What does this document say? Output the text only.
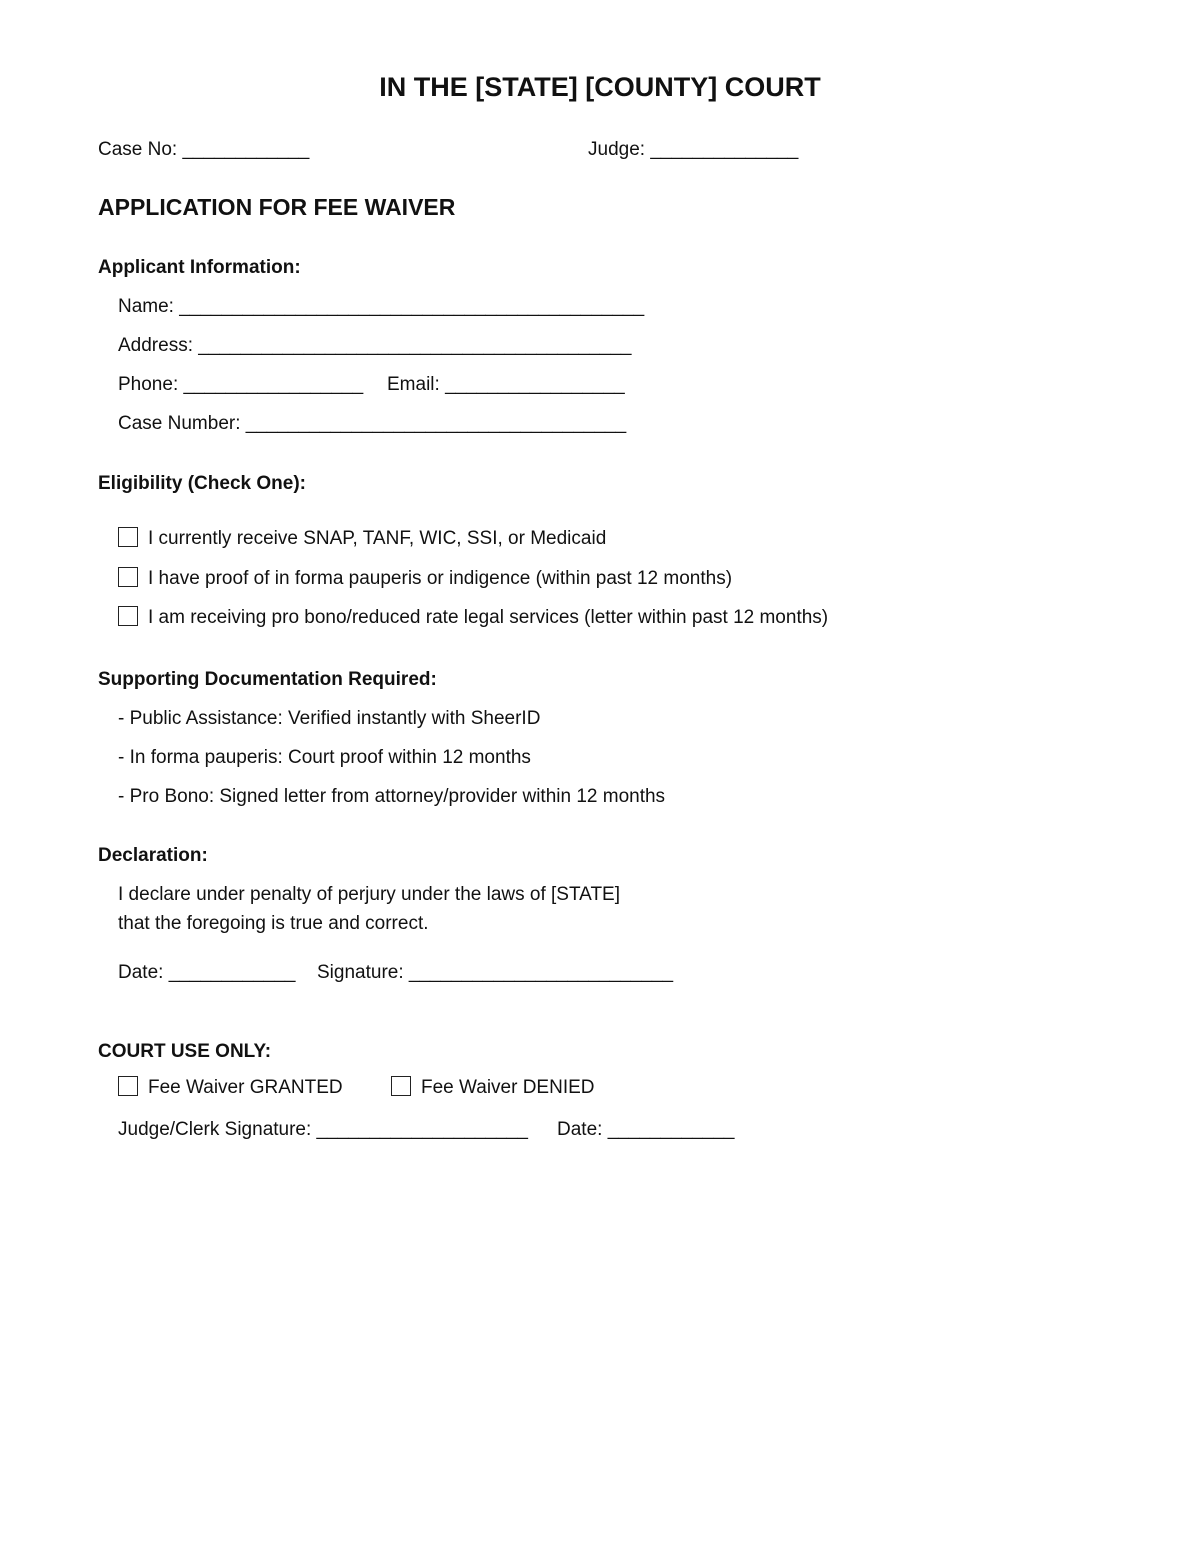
IN THE [STATE] [COUNTY] COURT
Case No: ____________	Judge: ______________
APPLICATION FOR FEE WAIVER
Applicant Information:
Name: ____________________________________________
Address: _________________________________________
Phone: _________________ Email: _________________
Case Number: ____________________________________
Eligibility (Check One):
I currently receive SNAP, TANF, WIC, SSI, or Medicaid
I have proof of in forma pauperis or indigence (within past 12 months)
I am receiving pro bono/reduced rate legal services (letter within past 12 months)
Supporting Documentation Required:
- Public Assistance: Verified instantly with SheerID
- In forma pauperis: Court proof within 12 months
- Pro Bono: Signed letter from attorney/provider within 12 months
Declaration:
I declare under penalty of perjury under the laws of [STATE]
that the foregoing is true and correct.
Date: ____________ Signature: _________________________
COURT USE ONLY:
Fee Waiver GRANTED	Fee Waiver DENIED
Judge/Clerk Signature: ____________________ Date: ____________
